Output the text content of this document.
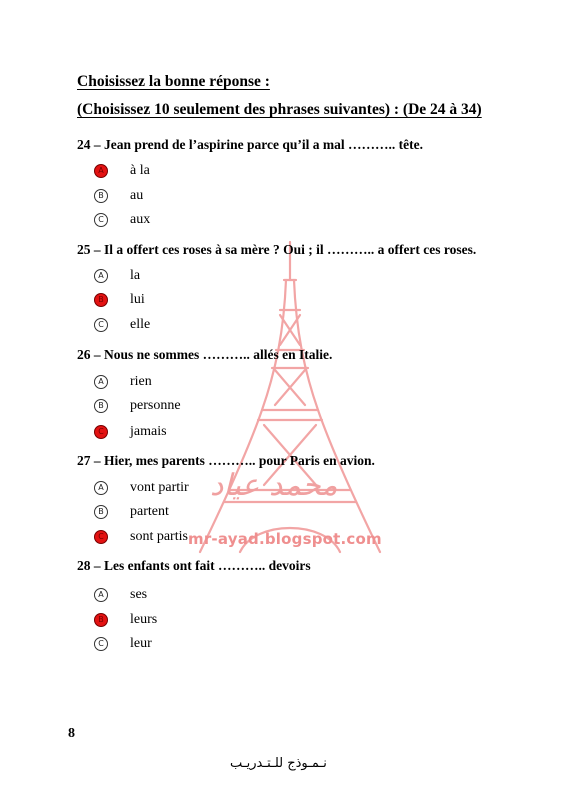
محمد عياد
mr-ayad.blogspot.com
Choisissez la bonne réponse :
(Choisissez 10 seulement des phrases suivantes) : (De 24 à 34)
24 – Jean prend de l’aspirine parce qu’il a mal ……….. tête.
A	à la
B	au
C	aux
25 – Il a offert ces roses à sa mère ? Oui ; il ……….. a offert ces roses.
A	la
B	lui
C	elle
26 – Nous ne sommes ……….. allés en Italie.
A	rien
B	personne
C	jamais
27 – Hier, mes parents ……….. pour Paris en avion.
A	vont partir
B	partent
C	sont partis
28 – Les enfants ont fait ……….. devoirs
A	ses
B	leurs
C	leur
8
نـمـوذج للـتـدريـب
